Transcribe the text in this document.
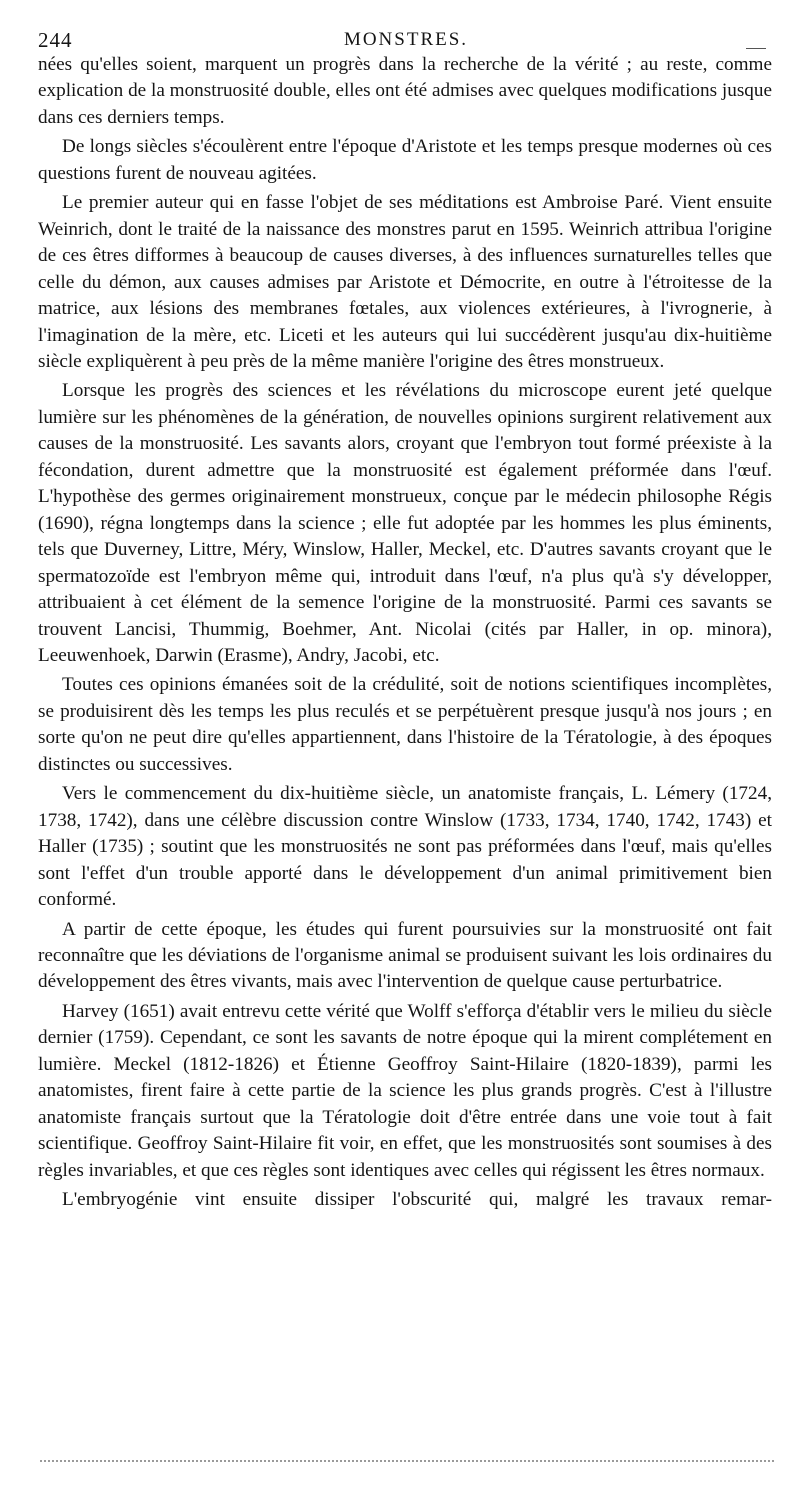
244	MONSTRES.

nées qu'elles soient, marquent un progrès dans la recherche de la vérité ; au reste, comme explication de la monstruosité double, elles ont été admises avec quelques modifications jusque dans ces derniers temps.

De longs siècles s'écoulèrent entre l'époque d'Aristote et les temps presque modernes où ces questions furent de nouveau agitées.

Le premier auteur qui en fasse l'objet de ses méditations est Ambroise Paré. Vient ensuite Weinrich, dont le traité de la naissance des monstres parut en 1595. Weinrich attribua l'origine de ces êtres difformes à beaucoup de causes diverses, à des influences surnaturelles telles que celle du démon, aux causes admises par Aristote et Démocrite, en outre à l'étroitesse de la matrice, aux lésions des membranes fœtales, aux violences extérieures, à l'ivrognerie, à l'imagination de la mère, etc. Liceti et les auteurs qui lui succédèrent jusqu'au dix-huitième siècle expliquèrent à peu près de la même manière l'origine des êtres monstrueux.

Lorsque les progrès des sciences et les révélations du microscope eurent jeté quelque lumière sur les phénomènes de la génération, de nouvelles opinions surgirent relativement aux causes de la monstruosité. Les savants alors, croyant que l'embryon tout formé préexiste à la fécondation, durent admettre que la monstruosité est également préformée dans l'œuf. L'hypothèse des germes originairement monstrueux, conçue par le médecin philosophe Régis (1690), régna longtemps dans la science ; elle fut adoptée par les hommes les plus éminents, tels que Duverney, Littre, Méry, Winslow, Haller, Meckel, etc. D'autres savants croyant que le spermatozoïde est l'embryon même qui, introduit dans l'œuf, n'a plus qu'à s'y développer, attribuaient à cet élément de la semence l'origine de la monstruosité. Parmi ces savants se trouvent Lancisi, Thummig, Boehmer, Ant. Nicolai (cités par Haller, in op. minora), Leeuwenhoek, Darwin (Erasme), Andry, Jacobi, etc.

Toutes ces opinions émanées soit de la crédulité, soit de notions scientifiques incomplètes, se produisirent dès les temps les plus reculés et se perpétuèrent presque jusqu'à nos jours ; en sorte qu'on ne peut dire qu'elles appartiennent, dans l'histoire de la Tératologie, à des époques distinctes ou successives.

Vers le commencement du dix-huitième siècle, un anatomiste français, L. Lémery (1724, 1738, 1742), dans une célèbre discussion contre Winslow (1733, 1734, 1740, 1742, 1743) et Haller (1735) ; soutint que les monstruosités ne sont pas préformées dans l'œuf, mais qu'elles sont l'effet d'un trouble apporté dans le développement d'un animal primitivement bien conformé.

A partir de cette époque, les études qui furent poursuivies sur la monstruosité ont fait reconnaître que les déviations de l'organisme animal se produisent suivant les lois ordinaires du développement des êtres vivants, mais avec l'intervention de quelque cause perturbatrice.

Harvey (1651) avait entrevu cette vérité que Wolff s'efforça d'établir vers le milieu du siècle dernier (1759). Cependant, ce sont les savants de notre époque qui la mirent complétement en lumière. Meckel (1812-1826) et Étienne Geoffroy Saint-Hilaire (1820-1839), parmi les anatomistes, firent faire à cette partie de la science les plus grands progrès. C'est à l'illustre anatomiste français surtout que la Tératologie doit d'être entrée dans une voie tout à fait scientifique. Geoffroy Saint-Hilaire fit voir, en effet, que les monstruosités sont soumises à des règles invariables, et que ces règles sont identiques avec celles qui régissent les êtres normaux.

L'embryogénie vint ensuite dissiper l'obscurité qui, malgré les travaux remar-
